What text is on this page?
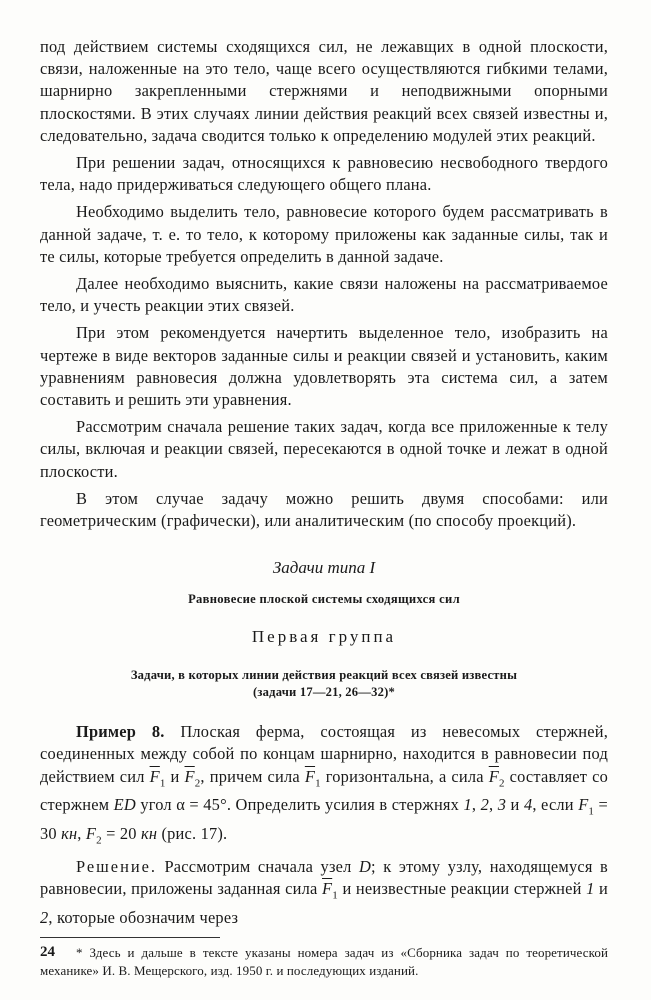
под действием системы сходящихся сил, не лежавщих в одной плоскости, связи, наложенные на это тело, чаще всего осуществляются гибкими телами, шарнирно закрепленными стержнями и неподвижными опорными плоскостями. В этих случаях линии действия реакций всех связей известны и, следовательно, задача сводится только к определению модулей этих реакций.

При решении задач, относящихся к равновесию несвободного твердого тела, надо придерживаться следующего общего плана.

Необходимо выделить тело, равновесие которого будем рассматривать в данной задаче, т. е. то тело, к которому приложены как заданные силы, так и те силы, которые требуется определить в данной задаче.

Далее необходимо выяснить, какие связи наложены на рассматриваемое тело, и учесть реакции этих связей.

При этом рекомендуется начертить выделенное тело, изобразить на чертеже в виде векторов заданные силы и реакции связей и установить, каким уравнениям равновесия должна удовлетворять эта система сил, а затем составить и решить эти уравнения.

Рассмотрим сначала решение таких задач, когда все приложенные к телу силы, включая и реакции связей, пересекаются в одной точке и лежат в одной плоскости.

В этом случае задачу можно решить двумя способами: или геометрическим (графически), или аналитическим (по способу проекций).

Задачи типа I
Равновесие плоской системы сходящихся сил
Первая группа
Задачи, в которых линии действия реакций всех связей известны
(задачи 17—21, 26—32)*

Пример 8. Плоская ферма, состоящая из невесомых стержней, соединенных между собой по концам шарнирно, находится в равновесии под действием сил $\overline{F}_1$ и $\overline{F}_2$, причем сила $\overline{F}_1$ горизонтальна, а сила $\overline{F}_2$ составляет со стержнем ED угол α = 45°. Определить усилия в стержнях 1, 2, 3 и 4, если $F_1 = 30$ кн, $F_2 = 20$ кн (рис. 17).

Решение. Рассмотрим сначала узел D; к этому узлу, находящемуся в равновесии, приложены заданная сила $\overline{F}_1$ и неизвестные реакции стержней 1 и 2, которые обозначим через

* Здесь и дальше в тексте указаны номера задач из «Сборника задач по теоретической механике» И. В. Мещерского, изд. 1950 г. и последующих изданий.

24
